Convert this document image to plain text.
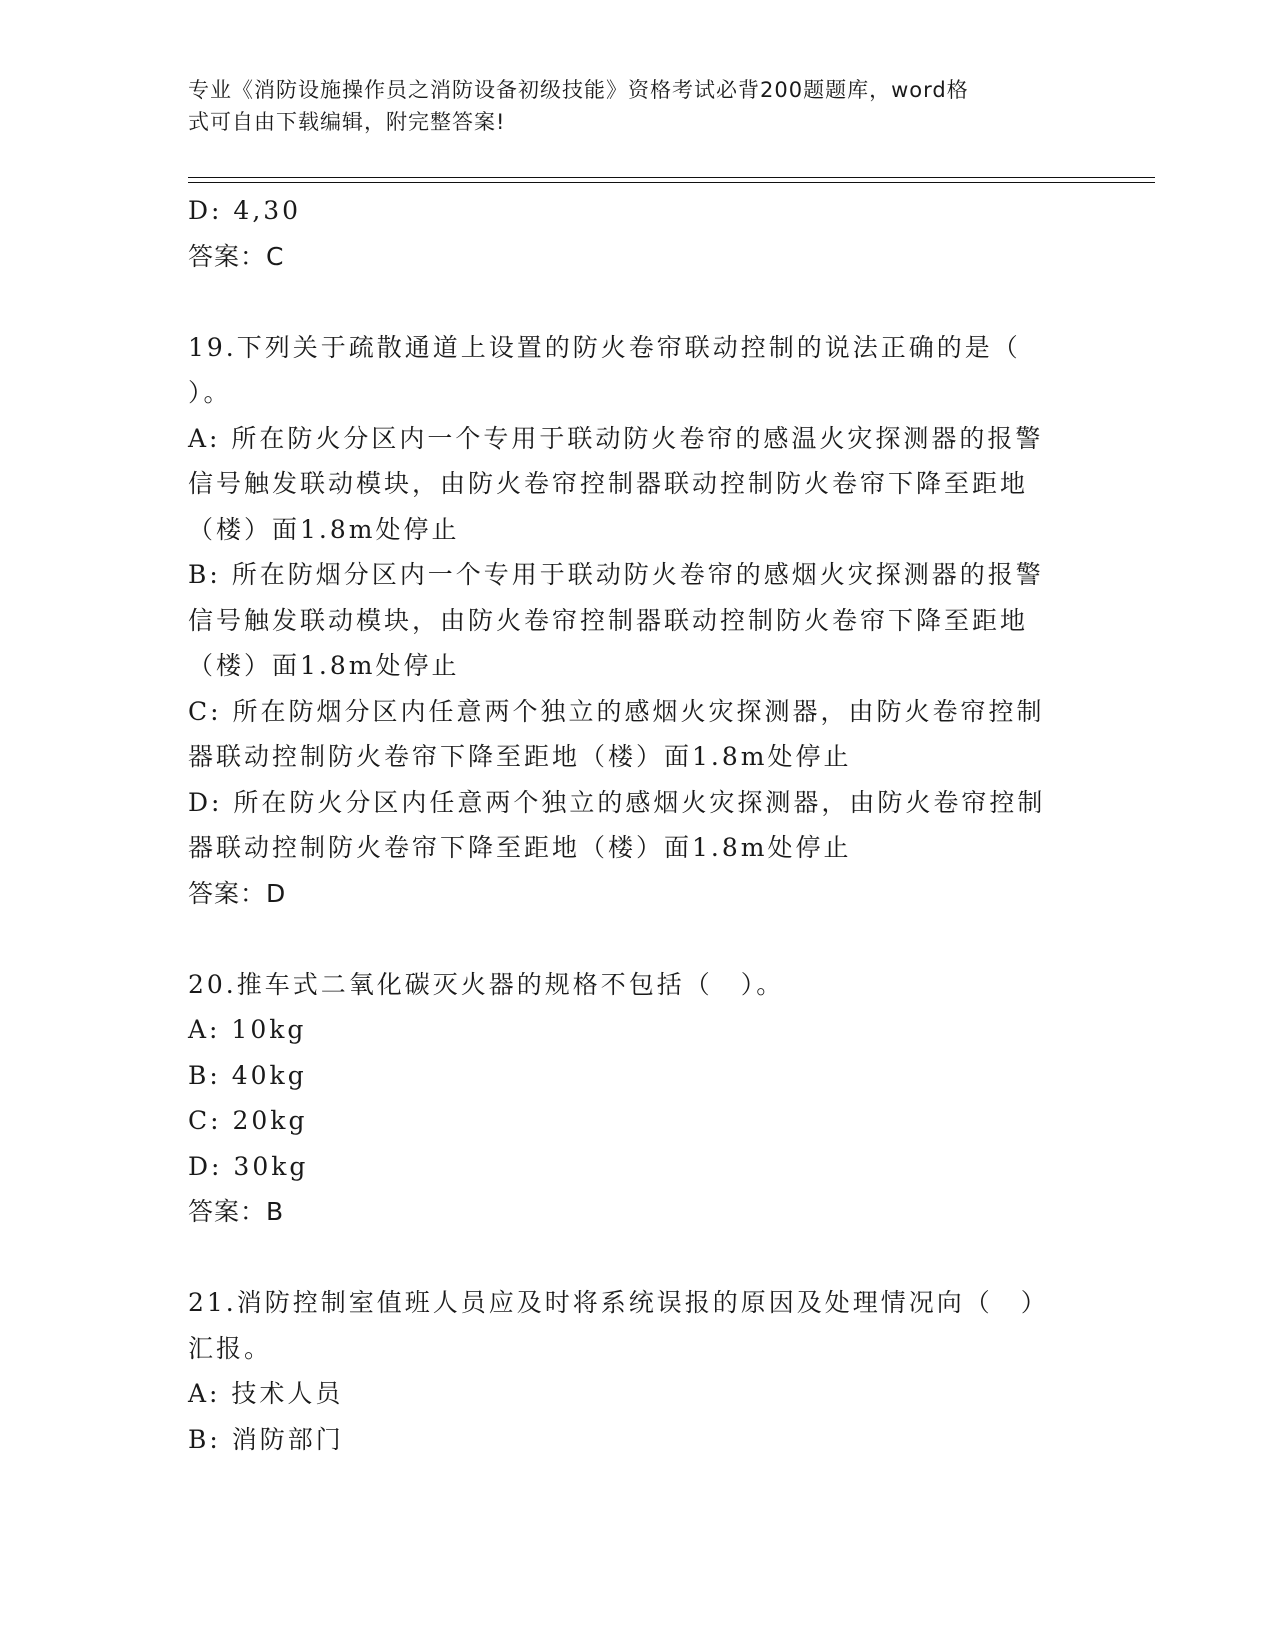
专业《消防设施操作员之消防设备初级技能》资格考试必背200题题库，word格
式可自由下载编辑，附完整答案!
D: 4,30
答案：C
19.下列关于疏散通道上设置的防火卷帘联动控制的说法正确的是（
）。
A: 所在防火分区内一个专用于联动防火卷帘的感温火灾探测器的报警
信号触发联动模块，由防火卷帘控制器联动控制防火卷帘下降至距地
（楼）面1.8m处停止
B: 所在防烟分区内一个专用于联动防火卷帘的感烟火灾探测器的报警
信号触发联动模块，由防火卷帘控制器联动控制防火卷帘下降至距地
（楼）面1.8m处停止
C: 所在防烟分区内任意两个独立的感烟火灾探测器，由防火卷帘控制
器联动控制防火卷帘下降至距地（楼）面1.8m处停止
D: 所在防火分区内任意两个独立的感烟火灾探测器，由防火卷帘控制
器联动控制防火卷帘下降至距地（楼）面1.8m处停止
答案：D
20.推车式二氧化碳灭火器的规格不包括（　）。
A: 10kg
B: 40kg
C: 20kg
D: 30kg
答案：B
21.消防控制室值班人员应及时将系统误报的原因及处理情况向（　）
汇报。
A: 技术人员
B: 消防部门
